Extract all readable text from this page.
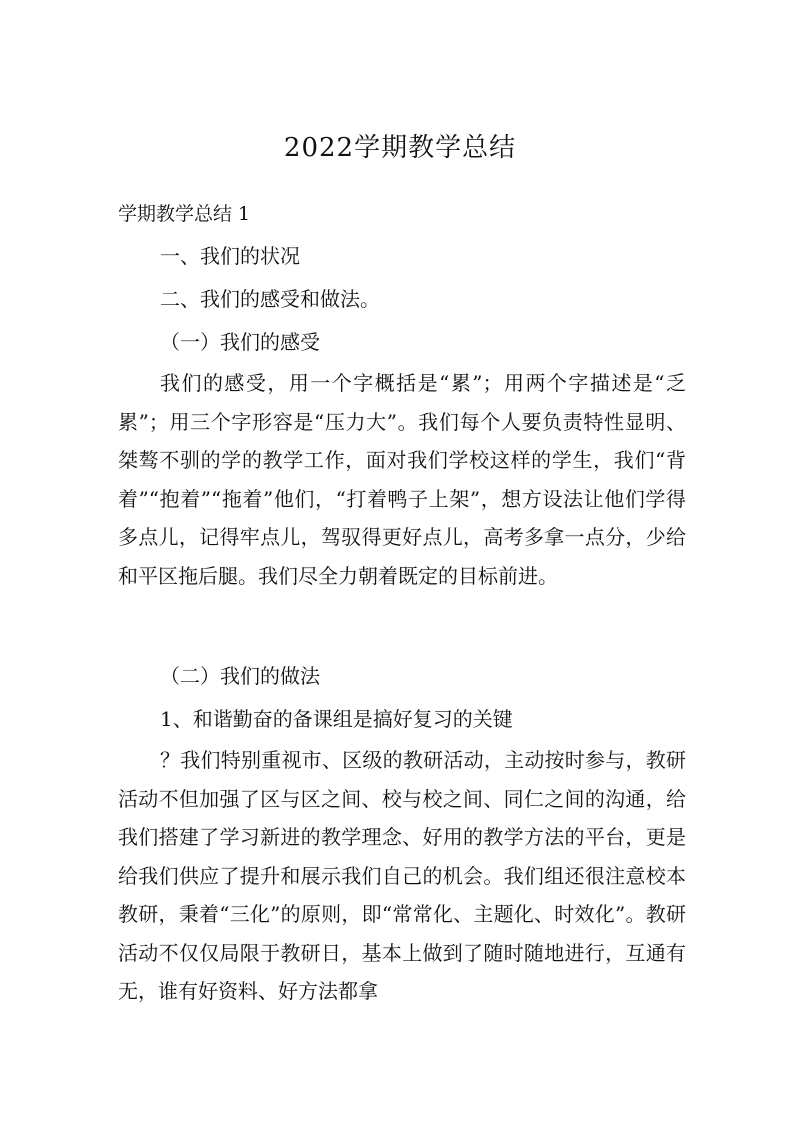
2022学期教学总结
学期教学总结 1
一、我们的状况
二、我们的感受和做法。
（一）我们的感受

我们的感受，用一个字概括是“累”；用两个字描述是“乏累”；用三个字形容是“压力大”。我们每个人要负责特性显明、桀骜不驯的学的教学工作，面对我们学校这样的学生，我们“背着”“抱着”“拖着”他们，“打着鸭子上架”，想方设法让他们学得多点儿，记得牢点儿，驾驭得更好点儿，高考多拿一点分，少给和平区拖后腿。我们尽全力朝着既定的目标前进。

（二）我们的做法
1、和谐勤奋的备课组是搞好复习的关键

？我们特别重视市、区级的教研活动，主动按时参与，教研活动不但加强了区与区之间、校与校之间、同仁之间的沟通，给我们搭建了学习新进的教学理念、好用的教学方法的平台，更是给我们供应了提升和展示我们自己的机会。我们组还很注意校本教研，秉着“三化”的原则，即“常常化、主题化、时效化”。教研活动不仅仅局限于教研日，基本上做到了随时随地进行，互通有无，谁有好资料、好方法都拿
